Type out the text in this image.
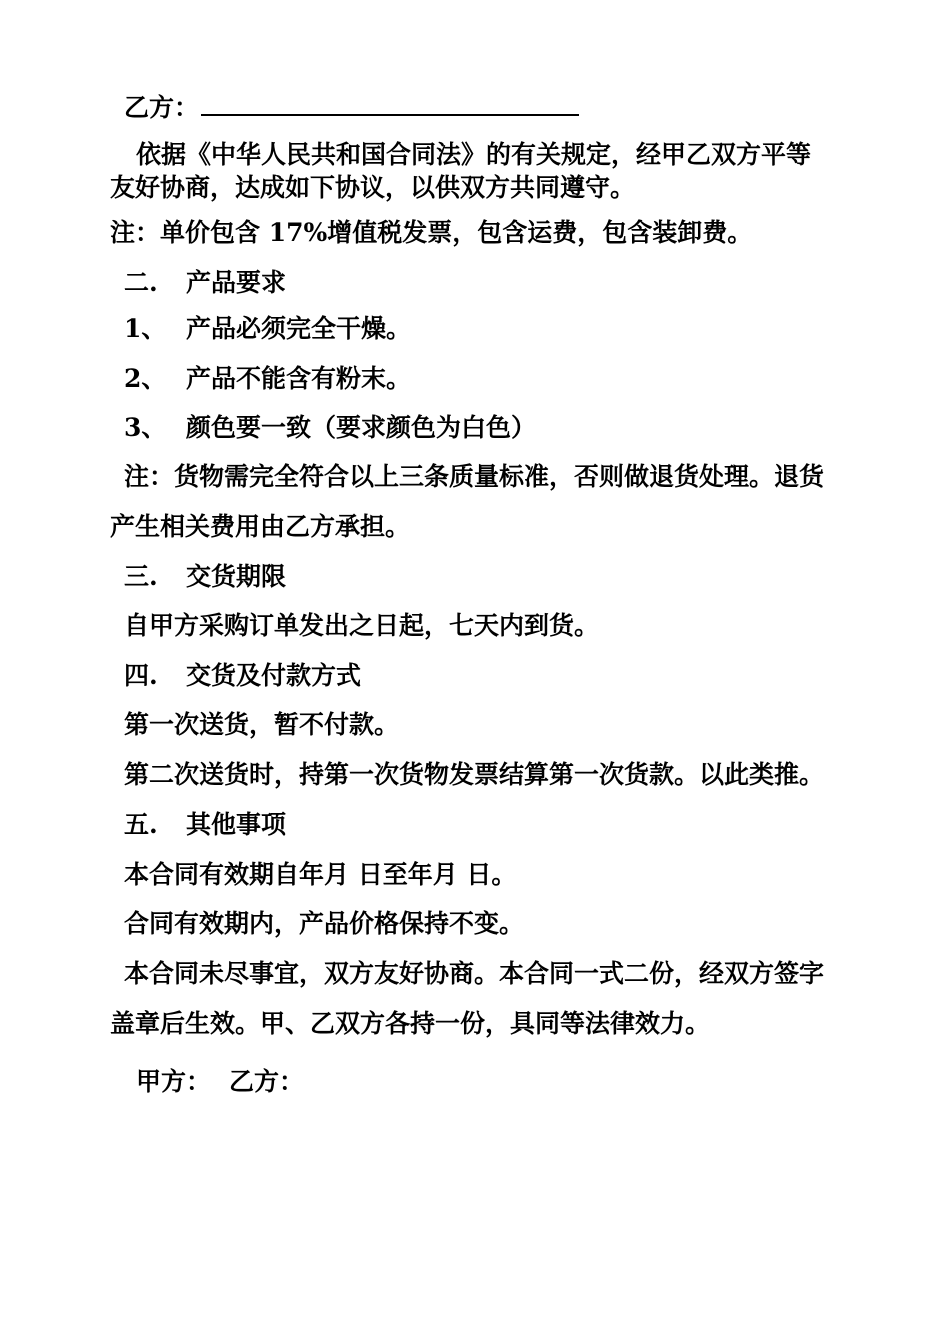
乙方：
依据《中华人民共和国合同法》的有关规定，经甲乙双方平等
友好协商，达成如下协议，以供双方共同遵守。
注：单价包含 17%增值税发票，包含运费，包含装卸费。
二. 产品要求
1、 产品必须完全干燥。
2、 产品不能含有粉末。
3、 颜色要一致（要求颜色为白色）
注：货物需完全符合以上三条质量标准，否则做退货处理。退货
产生相关费用由乙方承担。
三. 交货期限
自甲方采购订单发出之日起，七天内到货。
四. 交货及付款方式
第一次送货，暂不付款。
第二次送货时，持第一次货物发票结算第一次货款。以此类推。
五. 其他事项
本合同有效期自年月 日至年月 日。
合同有效期内，产品价格保持不变。
本合同未尽事宜，双方友好协商。本合同一式二份，经双方签字
盖章后生效。甲、乙双方各持一份，具同等法律效力。
甲方： 乙方：
